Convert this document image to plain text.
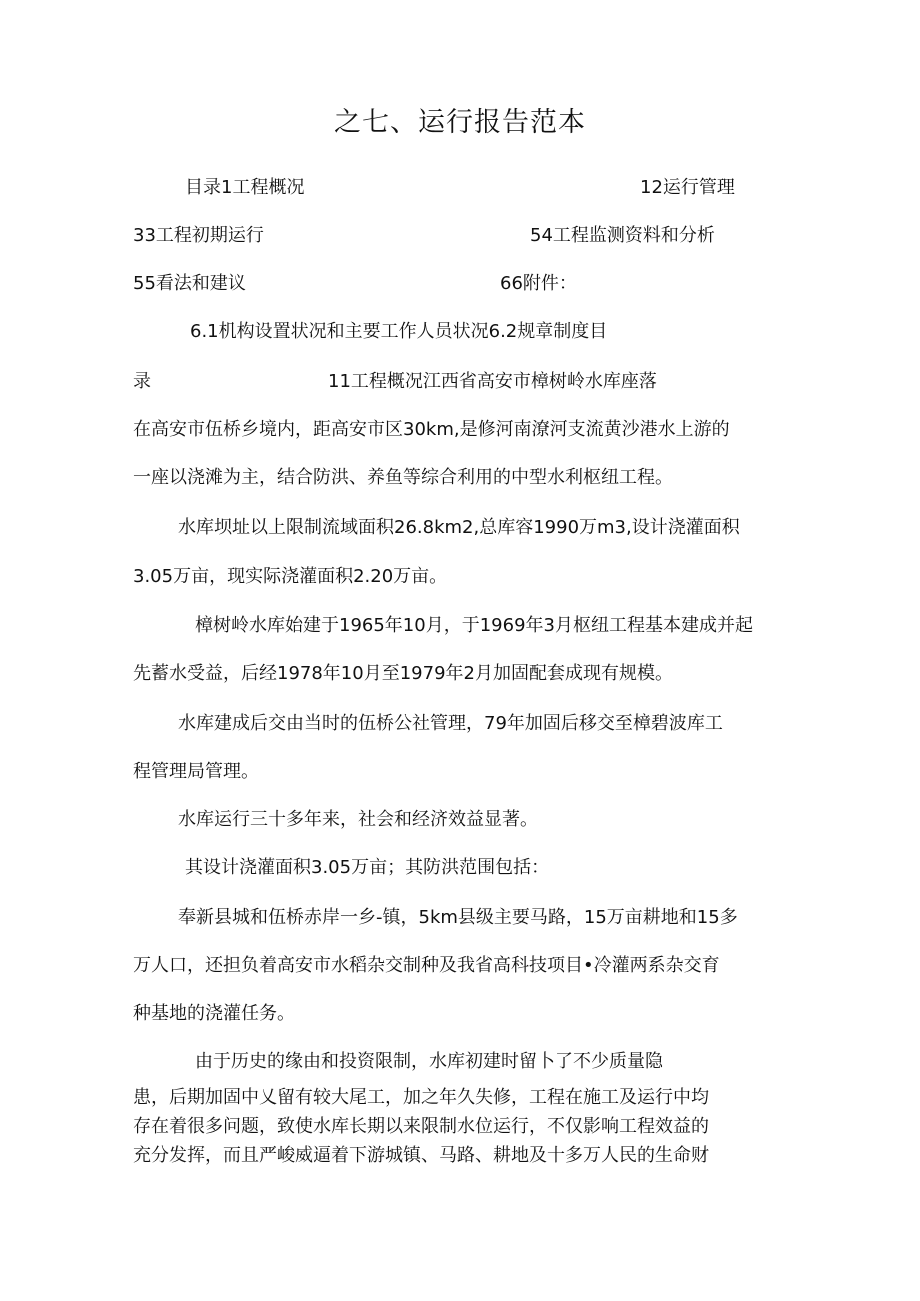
之七、运行报告范本
目录1工程概况	12运行管理
33工程初期运行	54工程监测资料和分析
55看法和建议	66附件：
6.1机构设置状况和主要工作人员状况6.2规章制度目
录	11工程概况江西省高安市樟树岭水库座落
在高安市伍桥乡境内，距高安市区30km,是修河南潦河支流黄沙港水上游的
一座以浇滩为主，结合防洪、养鱼等综合利用的中型水利枢纽工程。
水库坝址以上限制流域面积26.8km2,总库容1990万m3,设计浇灌面积
3.05万亩，现实际浇灌面积2.20万亩。
樟树岭水库始建于1965年10月，于1969年3月枢纽工程基本建成并起
先蓄水受益，后经1978年10月至1979年2月加固配套成现有规模。
水库建成后交由当时的伍桥公社管理，79年加固后移交至樟碧波库工
程管理局管理。
水库运行三十多年来，社会和经济效益显著。
其设计浇灌面积3.05万亩；其防洪范围包括：
奉新县城和伍桥赤岸一乡-镇，5km县级主要马路，15万亩耕地和15多
万人口，还担负着高安市水稻杂交制种及我省高科技项目•冷灌两系杂交育
种基地的浇灌任务。
由于历史的缘由和投资限制，水库初建时留卜了不少质量隐
患，后期加固中乂留有较大尾工，加之年久失修，工程在施工及运行中均
存在着很多问题，致使水库长期以来限制水位运行，不仅影响工程效益的
充分发挥，而且严峻威逼着下游城镇、马路、耕地及十多万人民的生命财
